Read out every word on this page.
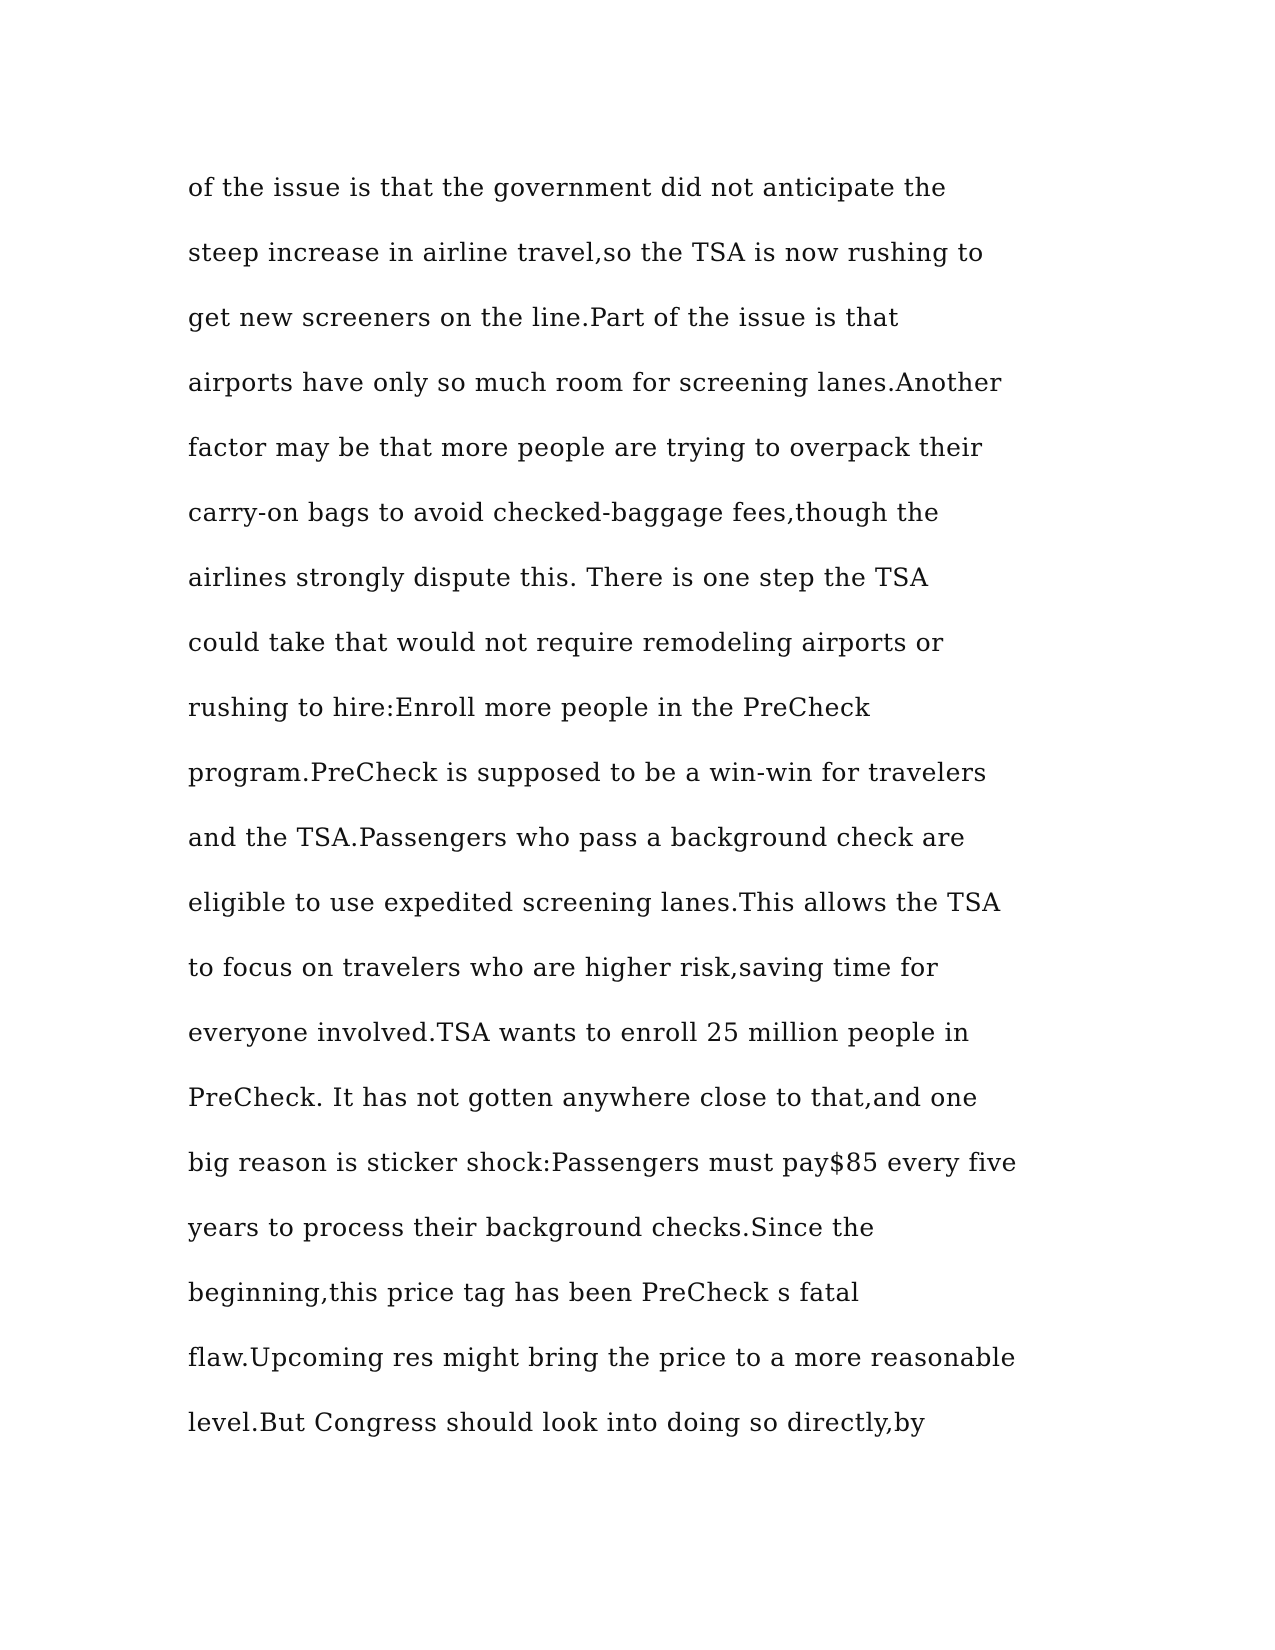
of the issue is that the government did not anticipate the
steep increase in airline travel,so the TSA is now rushing to
get new screeners on the line.Part of the issue is that
airports have only so much room for screening lanes.Another
factor may be that more people are trying to overpack their
carry-on bags to avoid checked-baggage fees,though the
airlines strongly dispute this. There is one step the TSA
could take that would not require remodeling airports or
rushing to hire:Enroll more people in the PreCheck
program.PreCheck is supposed to be a win-win for travelers
and the TSA.Passengers who pass a background check are
eligible to use expedited screening lanes.This allows the TSA
to focus on travelers who are higher risk,saving time for
everyone involved.TSA wants to enroll 25 million people in
PreCheck. It has not gotten anywhere close to that,and one
big reason is sticker shock:Passengers must pay$85 every five
years to process their background checks.Since the
beginning,this price tag has been PreCheck s fatal
flaw.Upcoming res might bring the price to a more reasonable
level.But Congress should look into doing so directly,by
